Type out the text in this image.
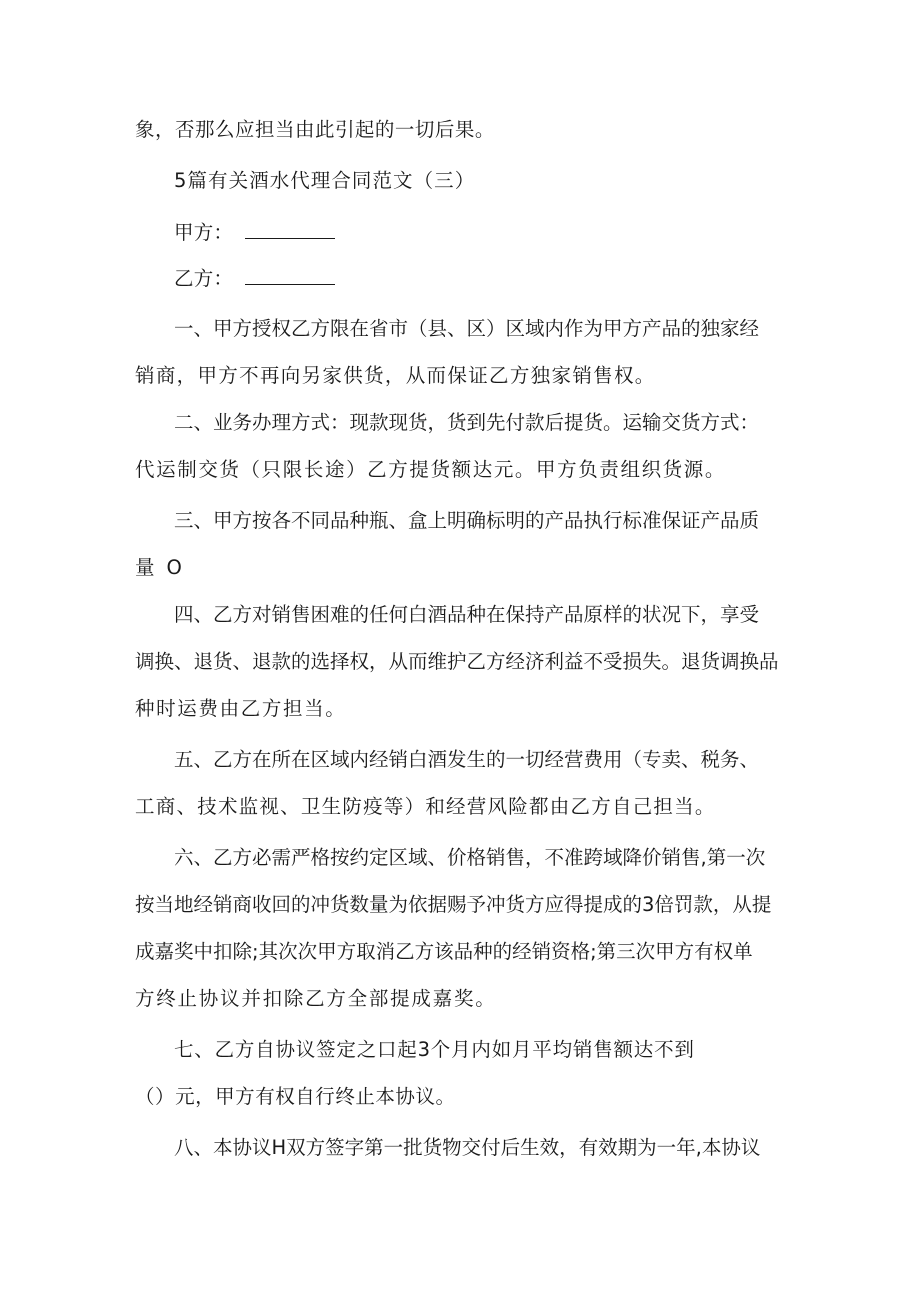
象，否那么应担当由此引起的一切后果。

5篇有关酒水代理合同范文（三）

甲方：

乙方：

一、甲方授权乙方限在省市（县、区）区域内作为甲方产品的独家经

销商，甲方不再向另家供货，从而保证乙方独家销售权。

二、业务办理方式：现款现货，货到先付款后提货。运输交货方式：

代运制交货（只限长途）乙方提货额达元。甲方负责组织货源。

三、甲方按各不同品种瓶、盒上明确标明的产品执行标准保证产品质

量O

四、乙方对销售困难的任何白酒品种在保持产品原样的状况下，享受

调换、退货、退款的选择权，从而维护乙方经济利益不受损失。退货调换品

种时运费由乙方担当。

五、乙方在所在区域内经销白酒发生的一切经营费用（专卖、税务、

工商、技术监视、卫生防疫等）和经营风险都由乙方自己担当。

六、乙方必需严格按约定区域、价格销售，不准跨域降价销售,第一次

按当地经销商收回的冲货数量为依据赐予冲货方应得提成的3倍罚款，从提

成嘉奖中扣除;其次次甲方取消乙方该品种的经销资格;第三次甲方有权单

方终止协议并扣除乙方全部提成嘉奖。

七、乙方自协议签定之口起3个月内如月平均销售额达不到

（）元，甲方有权自行终止本协议。

八、本协议H双方签字第一批货物交付后生效，有效期为一年,本协议
